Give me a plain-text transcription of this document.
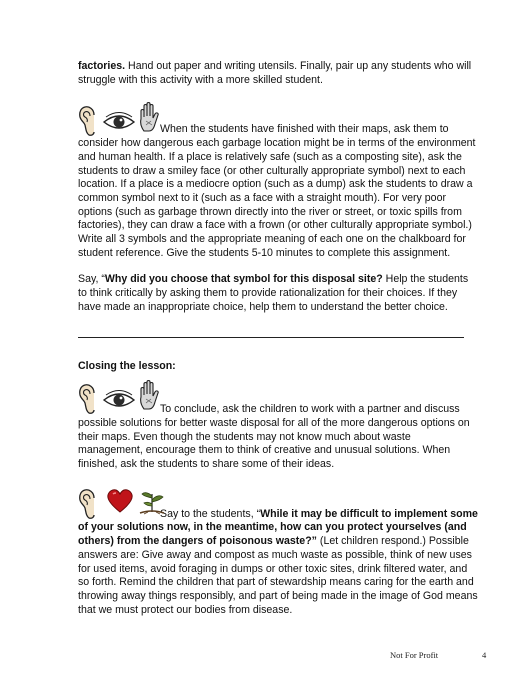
factories. Hand out paper and writing utensils. Finally, pair up any students who will struggle with this activity with a more skilled student.

When the students have finished with their maps, ask them to consider how dangerous each garbage location might be in terms of the environment and human health. If a place is relatively safe (such as a composting site), ask the students to draw a smiley face (or other culturally appropriate symbol) next to each location. If a place is a mediocre option (such as a dump) ask the students to draw a common symbol next to it (such as a face with a straight mouth). For very poor options (such as garbage thrown directly into the river or street, or toxic spills from factories), they can draw a face with a frown (or other culturally appropriate symbol.) Write all 3 symbols and the appropriate meaning of each one on the chalkboard for student reference. Give the students 5-10 minutes to complete this assignment.

Say, “Why did you choose that symbol for this disposal site? Help the students to think critically by asking them to provide rationalization for their choices. If they have made an inappropriate choice, help them to understand the better choice.

Closing the lesson:

To conclude, ask the children to work with a partner and discuss possible solutions for better waste disposal for all of the more dangerous options on their maps. Even though the students may not know much about waste management, encourage them to think of creative and unusual solutions. When finished, ask the students to share some of their ideas.

Say to the students, “While it may be difficult to implement some of your solutions now, in the meantime, how can you protect yourselves (and others) from the dangers of poisonous waste?” (Let children respond.) Possible answers are: Give away and compost as much waste as possible, think of new uses for used items, avoid foraging in dumps or other toxic sites, drink filtered water, and so forth. Remind the children that part of stewardship means caring for the earth and throwing away things responsibly, and part of being made in the image of God means that we must protect our bodies from disease.

Not For Profit	4
